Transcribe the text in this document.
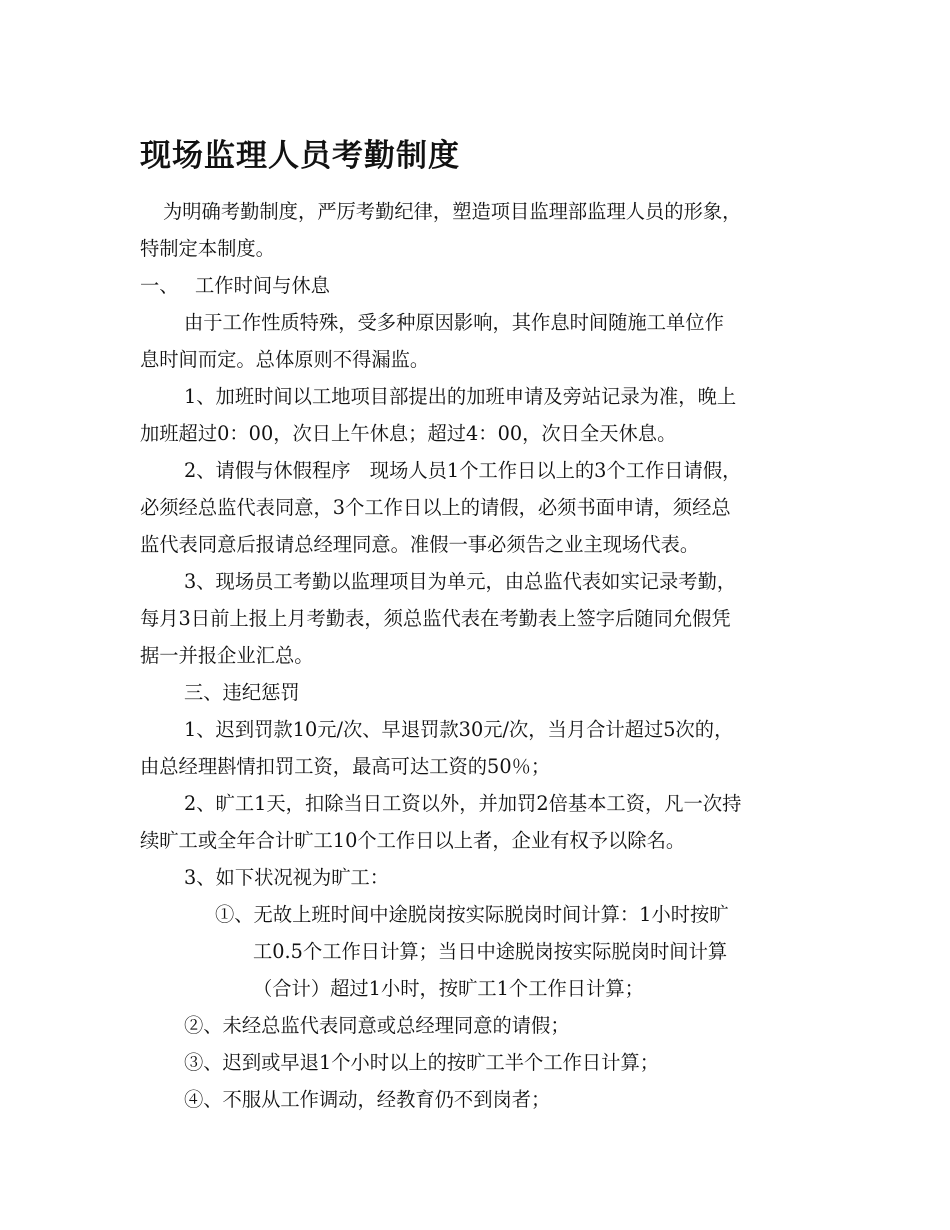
现场监理人员考勤制度

为明确考勤制度，严厉考勤纪律，塑造项目监理部监理人员的形象，

特制定本制度。

一、 工作时间与休息

由于工作性质特殊，受多种原因影响，其作息时间随施工单位作

息时间而定。总体原则不得漏监。

1、加班时间以工地项目部提出的加班申请及旁站记录为准，晚上

加班超过0：00，次日上午休息；超过4：00，次日全天休息。

2、请假与休假程序　现场人员1个工作日以上的3个工作日请假，

必须经总监代表同意，3个工作日以上的请假，必须书面申请，须经总

监代表同意后报请总经理同意。准假一事必须告之业主现场代表。

3、现场员工考勤以监理项目为单元，由总监代表如实记录考勤，

每月3日前上报上月考勤表，须总监代表在考勤表上签字后随同允假凭

据一并报企业汇总。

三、违纪惩罚

1、迟到罚款10元/次、早退罚款30元/次，当月合计超过5次的，

由总经理斟情扣罚工资，最高可达工资的50％；

2、旷工1天，扣除当日工资以外，并加罚2倍基本工资，凡一次持

续旷工或全年合计旷工10个工作日以上者，企业有权予以除名。

3、如下状况视为旷工：

①、无故上班时间中途脱岗按实际脱岗时间计算：1小时按旷

工0.5个工作日计算；当日中途脱岗按实际脱岗时间计算

（合计）超过1小时，按旷工1个工作日计算；

②、未经总监代表同意或总经理同意的请假；

③、迟到或早退1个小时以上的按旷工半个工作日计算；

④、不服从工作调动，经教育仍不到岗者；
